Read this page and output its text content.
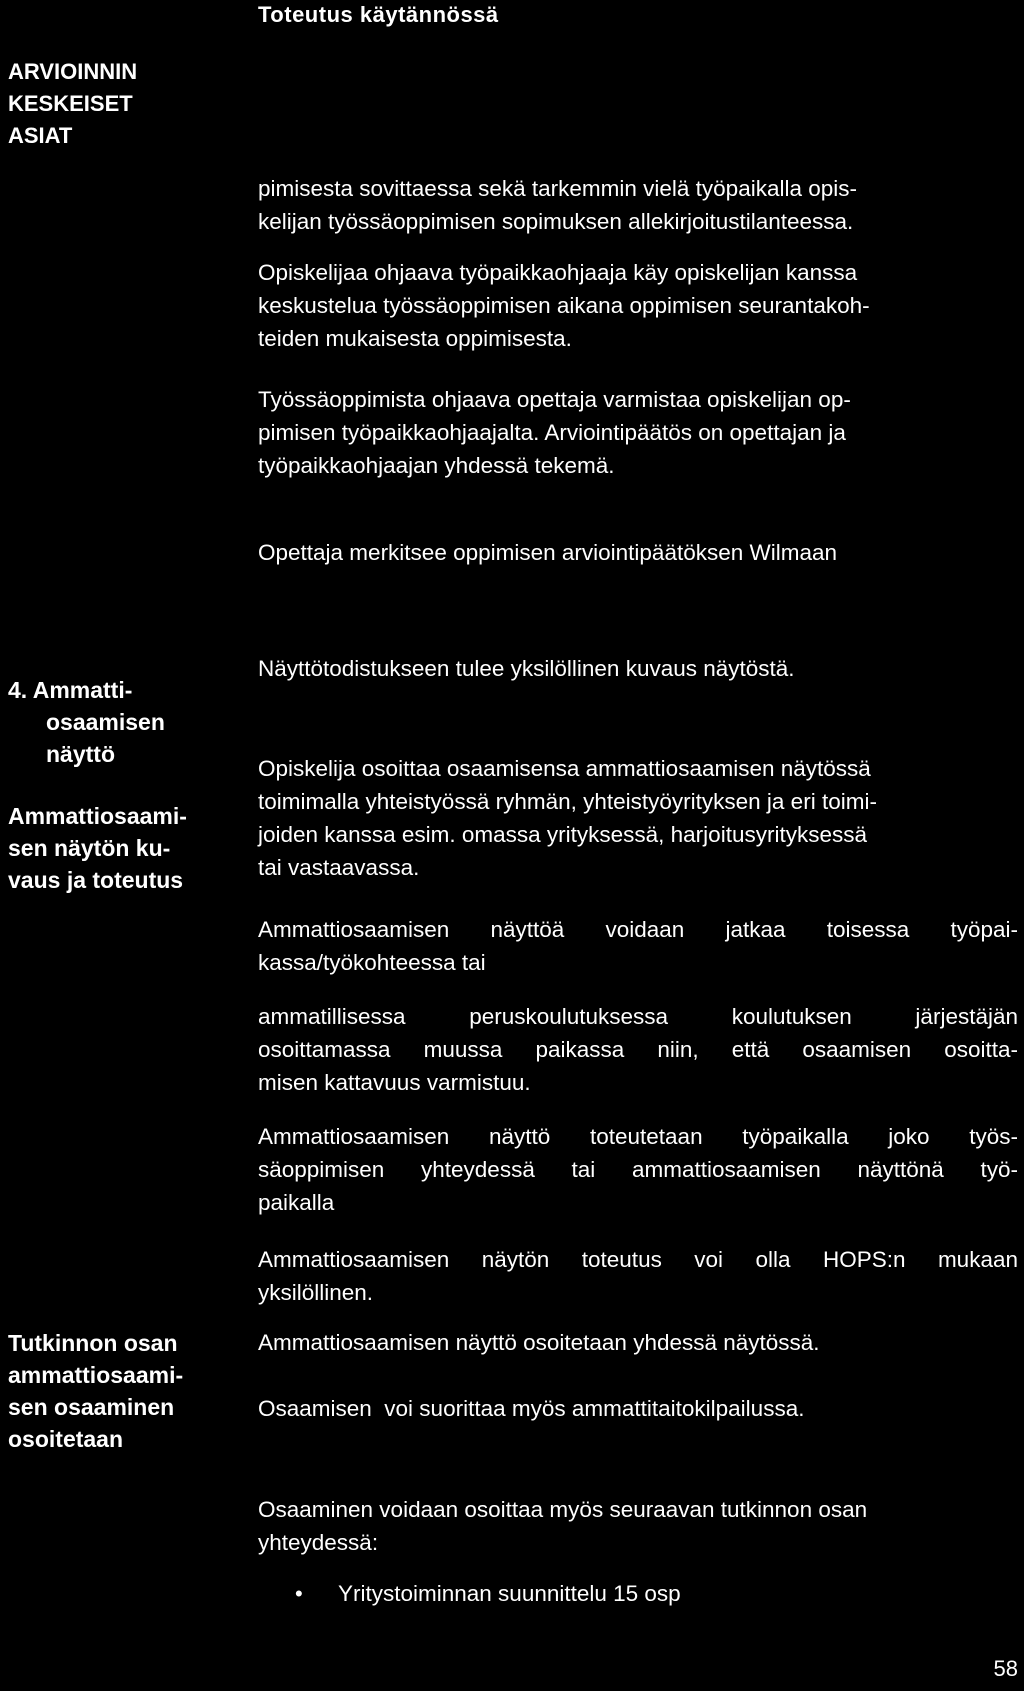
Toteutus käytännössä
ARVIOINNIN
KESKEISET
ASIAT
4. Ammatti-
osaamisen
näyttö
Ammattiosaami-
sen näytön ku-
vaus ja toteutus
Tutkinnon osan
ammattiosaami-
sen osaaminen
osoitetaan
pimisesta sovittaessa sekä tarkemmin vielä työpaikalla opis-
kelijan työssäoppimisen sopimuksen allekirjoitustilanteessa.
Opiskelijaa ohjaava työpaikkaohjaaja käy opiskelijan kanssa
keskustelua työssäoppimisen aikana oppimisen seurantakoh-
teiden mukaisesta oppimisesta.
Työssäoppimista ohjaava opettaja varmistaa opiskelijan op-
pimisen työpaikkaohjaajalta. Arviointipäätös on opettajan ja
työpaikkaohjaajan yhdessä tekemä.
Opettaja merkitsee oppimisen arviointipäätöksen Wilmaan
Näyttötodistukseen tulee yksilöllinen kuvaus näytöstä.
Opiskelija osoittaa osaamisensa ammattiosaamisen näytössä
toimimalla yhteistyössä ryhmän, yhteistyöyrityksen ja eri toimi-
joiden kanssa esim. omassa yrityksessä, harjoitusyrityksessä
tai vastaavassa.
Ammattiosaamisen näyttöä voidaan jatkaa toisessa työpai-
kassa/työkohteessa tai
ammatillisessa peruskoulutuksessa koulutuksen järjestäjän
osoittamassa muussa paikassa niin, että osaamisen osoitta-
misen kattavuus varmistuu.
Ammattiosaamisen näyttö toteutetaan työpaikalla joko työs-
säoppimisen yhteydessä tai ammattiosaamisen näyttönä työ-
paikalla
Ammattiosaamisen näytön toteutus voi olla HOPS:n mukaan
yksilöllinen.
Ammattiosaamisen näyttö osoitetaan yhdessä näytössä.
Osaamisen  voi suorittaa myös ammattitaitokilpailussa.
Osaaminen voidaan osoittaa myös seuraavan tutkinnon osan
yhteydessä:
• Yritystoiminnan suunnittelu 15 osp
58
